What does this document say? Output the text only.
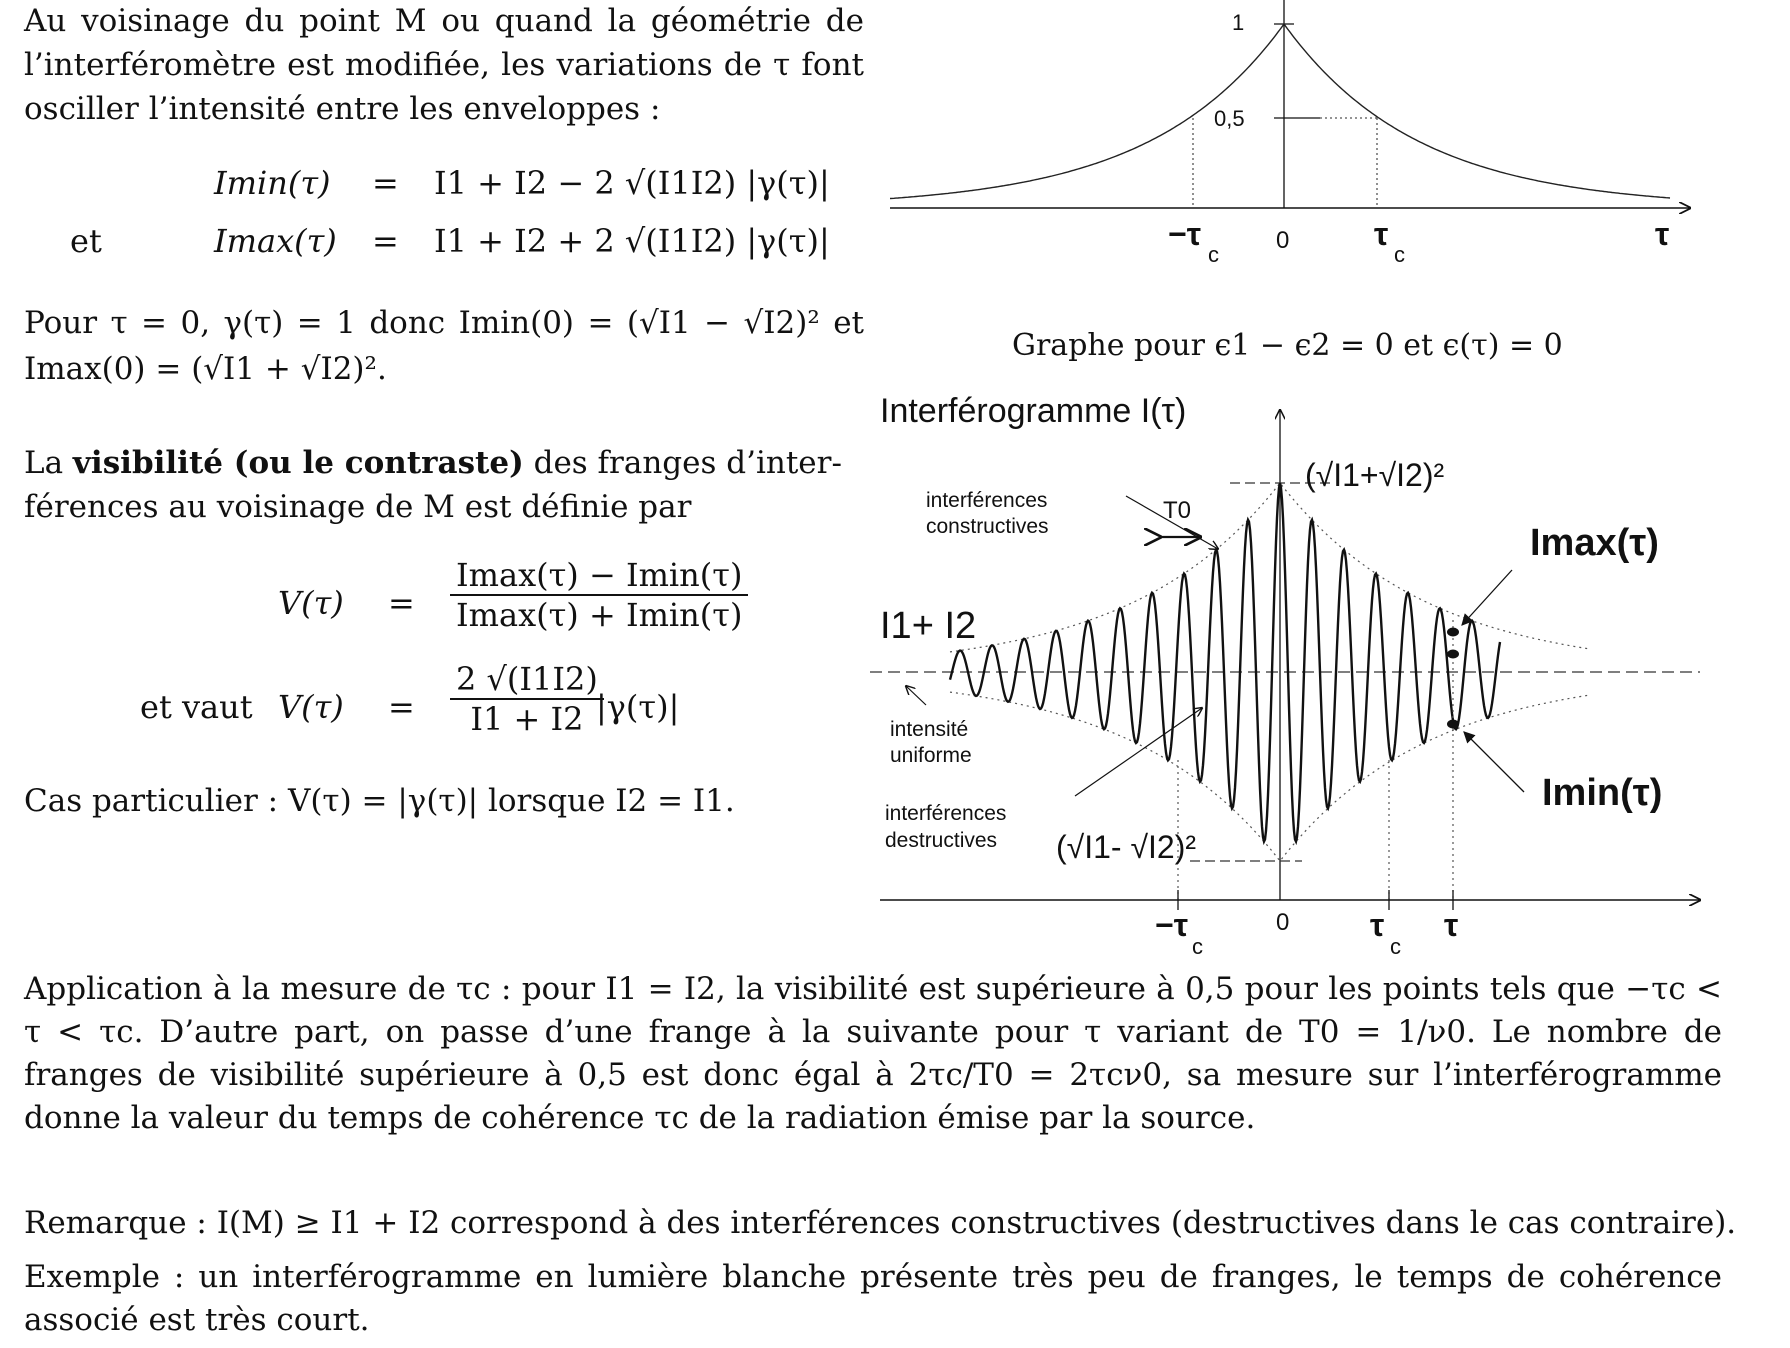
Au voisinage du point M ou quand la géométrie de
l’interféromètre est modifiée, les variations de τ font
osciller l’intensité entre les enveloppes :
Imin(τ) = I1 + I2 − 2 √(I1I2) |γ(τ)|
et	Imax(τ) = I1 + I2 + 2 √(I1I2) |γ(τ)|
Pour τ = 0, γ(τ) = 1 donc Imin(0) = (√I1 − √I2)² et
Imax(0) = (√I1 + √I2)².
La visibilité (ou le contraste) des franges d’inter-
férences au voisinage de M est définie par
$V(\tau) = \frac{Imax(\tau) - Imin(\tau)}{Imax(\tau) + Imin(\tau)}$
et vaut $V(\tau) = \frac{2 √(I1I2)}{I1 + I2}$
|γ(τ)|
Cas particulier : V(τ) = |γ(τ)| lorsque I2 = I1.
1
0,5
−τ
c
0	τ
c
τ
Graphe pour ϵ1 − ϵ2 = 0 et ϵ(τ) = 0
Interférogramme I(τ)
(√I1+√I2)²
interférences
constructives
T0
Imax(τ)
I1+ I2
intensité
uniforme
Imin(τ)
interférences
destructives (√I1- √I2)²
−τ
c
0	τ
c
τ
Application à la mesure de τc : pour I1 = I2, la visibilité est supérieure à 0,5 pour les points tels que −τc < τ < τc. D’autre part, on passe d’une frange à la suivante pour τ variant de T0 = 1/ν0. Le nombre de franges de visibilité supérieure à 0,5 est donc égal à 2τc/T0 = 2τcν0, sa mesure sur l’interférogramme donne la valeur du temps de cohérence τc de la radiation émise par la source.
Remarque : I(M) ≥ I1 + I2 correspond à des interférences constructives (destructives dans le cas contraire).
Exemple : un interférogramme en lumière blanche présente très peu de franges, le temps de cohérence associé est très court.
